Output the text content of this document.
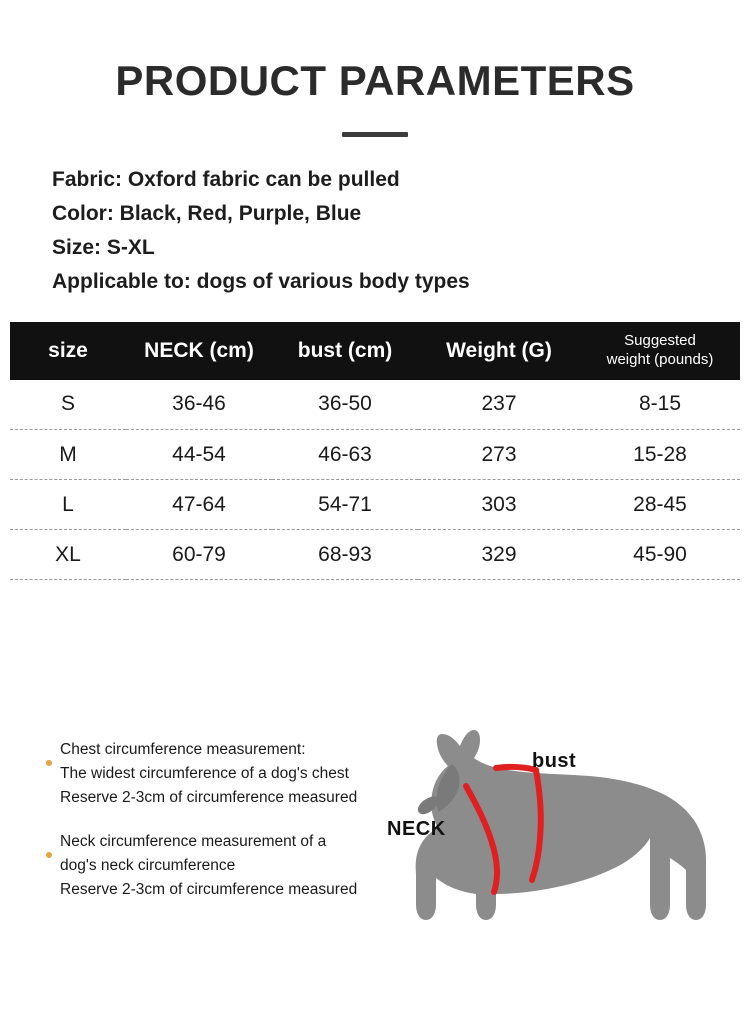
PRODUCT PARAMETERS
Fabric: Oxford fabric can be pulled
Color: Black, Red, Purple, Blue
Size: S-XL
Applicable to: dogs of various body types
size	NECK (cm)	bust (cm)	Weight (G)	Suggested
weight (pounds)

S	36-46	36-50	237	8-15
M	44-54	46-63	273	15-28
L	47-64	54-71	303	28-45
XL	60-79	68-93	329	45-90
Chest circumference measurement:
The widest circumference of a dog's chest
Reserve 2-3cm of circumference measured
Neck circumference measurement of a
dog's neck circumference
Reserve 2-3cm of circumference measured
bust
NECK
